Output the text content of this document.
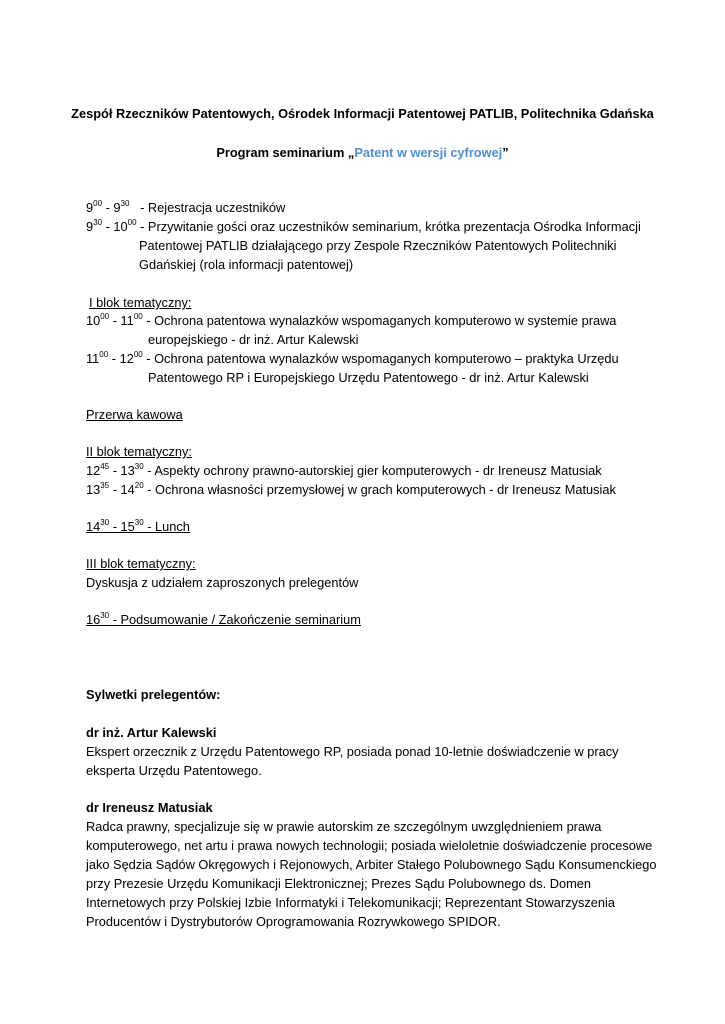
Zespół Rzeczników Patentowych, Ośrodek Informacji Patentowej PATLIB, Politechnika Gdańska
Program seminarium „Patent w wersji cyfrowej”
$9^{00} - 9^{30}$   - Rejestracja uczestników
$9^{30} - 10^{00}$ - Przywitanie gości oraz uczestników seminarium, krótka prezentacja Ośrodka Informacji
Patentowej PATLIB działającego przy Zespole Rzeczników Patentowych Politechniki
Gdańskiej (rola informacji patentowej)
I blok tematyczny:
$10^{00} - 11^{00}$ - Ochrona patentowa wynalazków wspomaganych komputerowo w systemie prawa
europejskiego - dr inż. Artur Kalewski
$11^{00} - 12^{00}$ - Ochrona patentowa wynalazków wspomaganych komputerowo – praktyka Urzędu
Patentowego RP i Europejskiego Urzędu Patentowego - dr inż. Artur Kalewski
Przerwa kawowa
II blok tematyczny:
$12^{45} - 13^{30}$ - Aspekty ochrony prawno-autorskiej gier komputerowych - dr Ireneusz Matusiak
$13^{35} - 14^{20}$ - Ochrona własności przemysłowej w grach komputerowych - dr Ireneusz Matusiak
$14^{30} - 15^{30}$ - Lunch
III blok tematyczny:
Dyskusja z udziałem zaproszonych prelegentów
$16^{30}$ - Podsumowanie / Zakończenie seminarium
Sylwetki prelegentów:
dr inż. Artur Kalewski
Ekspert orzecznik z Urzędu Patentowego RP, posiada ponad 10-letnie doświadczenie w pracy
eksperta Urzędu Patentowego.
dr Ireneusz Matusiak
Radca prawny, specjalizuje się w prawie autorskim ze szczególnym uwzględnieniem prawa
komputerowego, net artu i prawa nowych technologii; posiada wieloletnie doświadczenie procesowe
jako Sędzia Sądów Okręgowych i Rejonowych, Arbiter Stałego Polubownego Sądu Konsumenckiego
przy Prezesie Urzędu Komunikacji Elektronicznej; Prezes Sądu Polubownego ds. Domen
Internetowych przy Polskiej Izbie Informatyki i Telekomunikacji; Reprezentant Stowarzyszenia
Producentów i Dystrybutorów Oprogramowania Rozrywkowego SPIDOR.
